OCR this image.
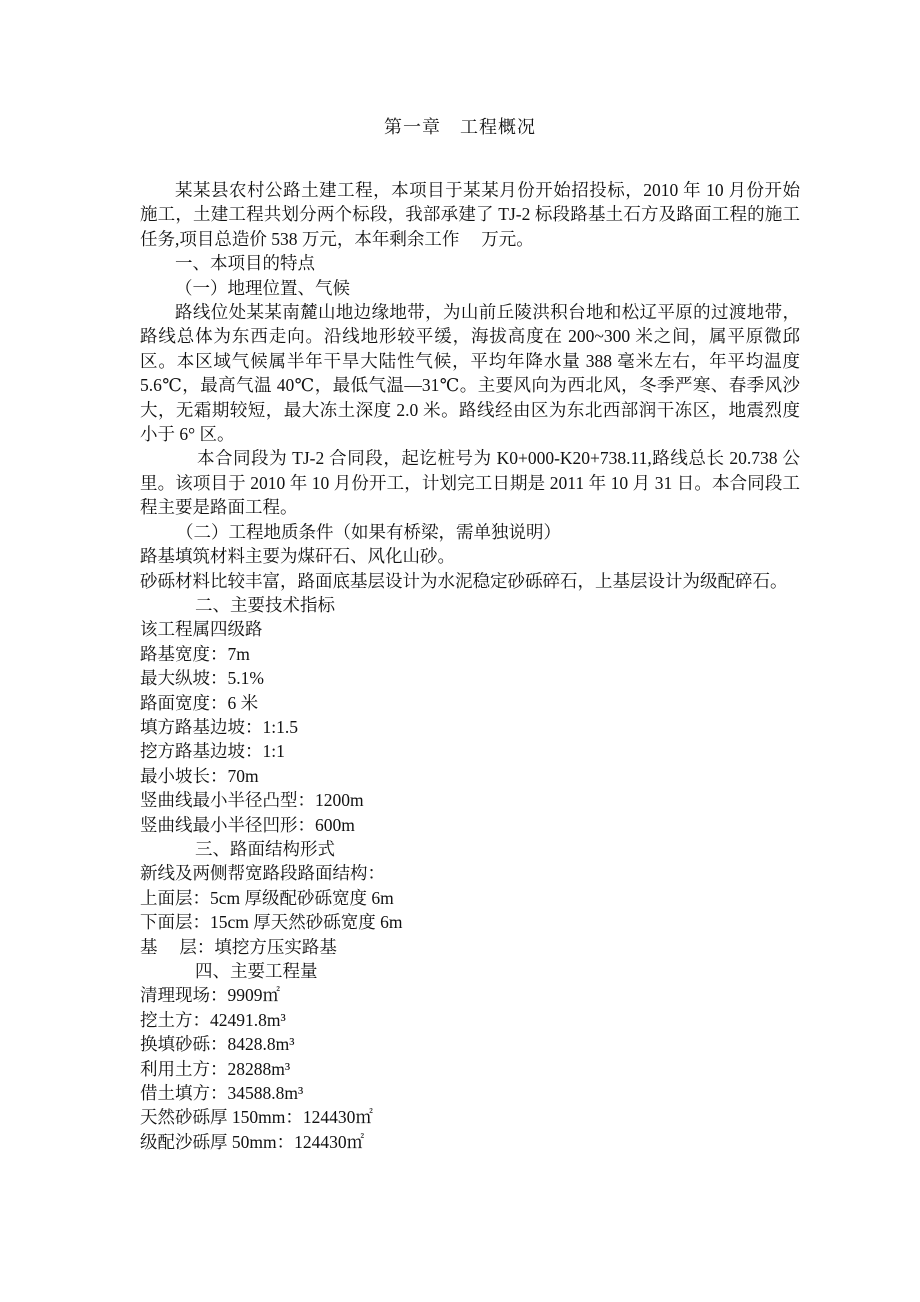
第一章　工程概况

某某县农村公路土建工程，本项目于某某月份开始招投标，2010 年 10 月份开始施工，土建工程共划分两个标段，我部承建了 TJ-2 标段路基土石方及路面工程的施工任务,项目总造价 538 万元，本年剩余工作　 万元。

一、本项目的特点

（一）地理位置、气候

路线位处某某南麓山地边缘地带，为山前丘陵洪积台地和松辽平原的过渡地带，路线总体为东西走向。沿线地形较平缓，海拔高度在 200~300 米之间，属平原微邱区。本区域气候属半年干旱大陆性气候，平均年降水量 388 毫米左右，年平均温度 5.6℃，最高气温 40℃，最低气温—31℃。主要风向为西北风，冬季严寒、春季风沙大，无霜期较短，最大冻土深度 2.0 米。路线经由区为东北西部润干冻区，地震烈度小于 6° 区。

本合同段为 TJ-2 合同段，起讫桩号为 K0+000-K20+738.11,路线总长 20.738 公里。该项目于 2010 年 10 月份开工，计划完工日期是 2011 年 10 月 31 日。本合同段工程主要是路面工程。

（二）工程地质条件（如果有桥梁，需单独说明）

路基填筑材料主要为煤矸石、风化山砂。

砂砾材料比较丰富，路面底基层设计为水泥稳定砂砾碎石，上基层设计为级配碎石。

二、主要技术指标

该工程属四级路

路基宽度：7m

最大纵坡：5.1%

路面宽度：6 米

填方路基边坡：1:1.5

挖方路基边坡：1:1

最小坡长：70m

竖曲线最小半径凸型：1200m

竖曲线最小半径凹形：600m

三、路面结构形式

新线及两侧帮宽路段路面结构：

上面层：5cm 厚级配砂砾宽度 6m

下面层：15cm 厚天然砂砾宽度 6m

基　 层：填挖方压实路基

四、主要工程量

清理现场：9909㎡

挖土方：42491.8m³

换填砂砾：8428.8m³

利用土方：28288m³

借土填方：34588.8m³

天然砂砾厚 150mm：124430㎡

级配沙砾厚 50mm：124430㎡
